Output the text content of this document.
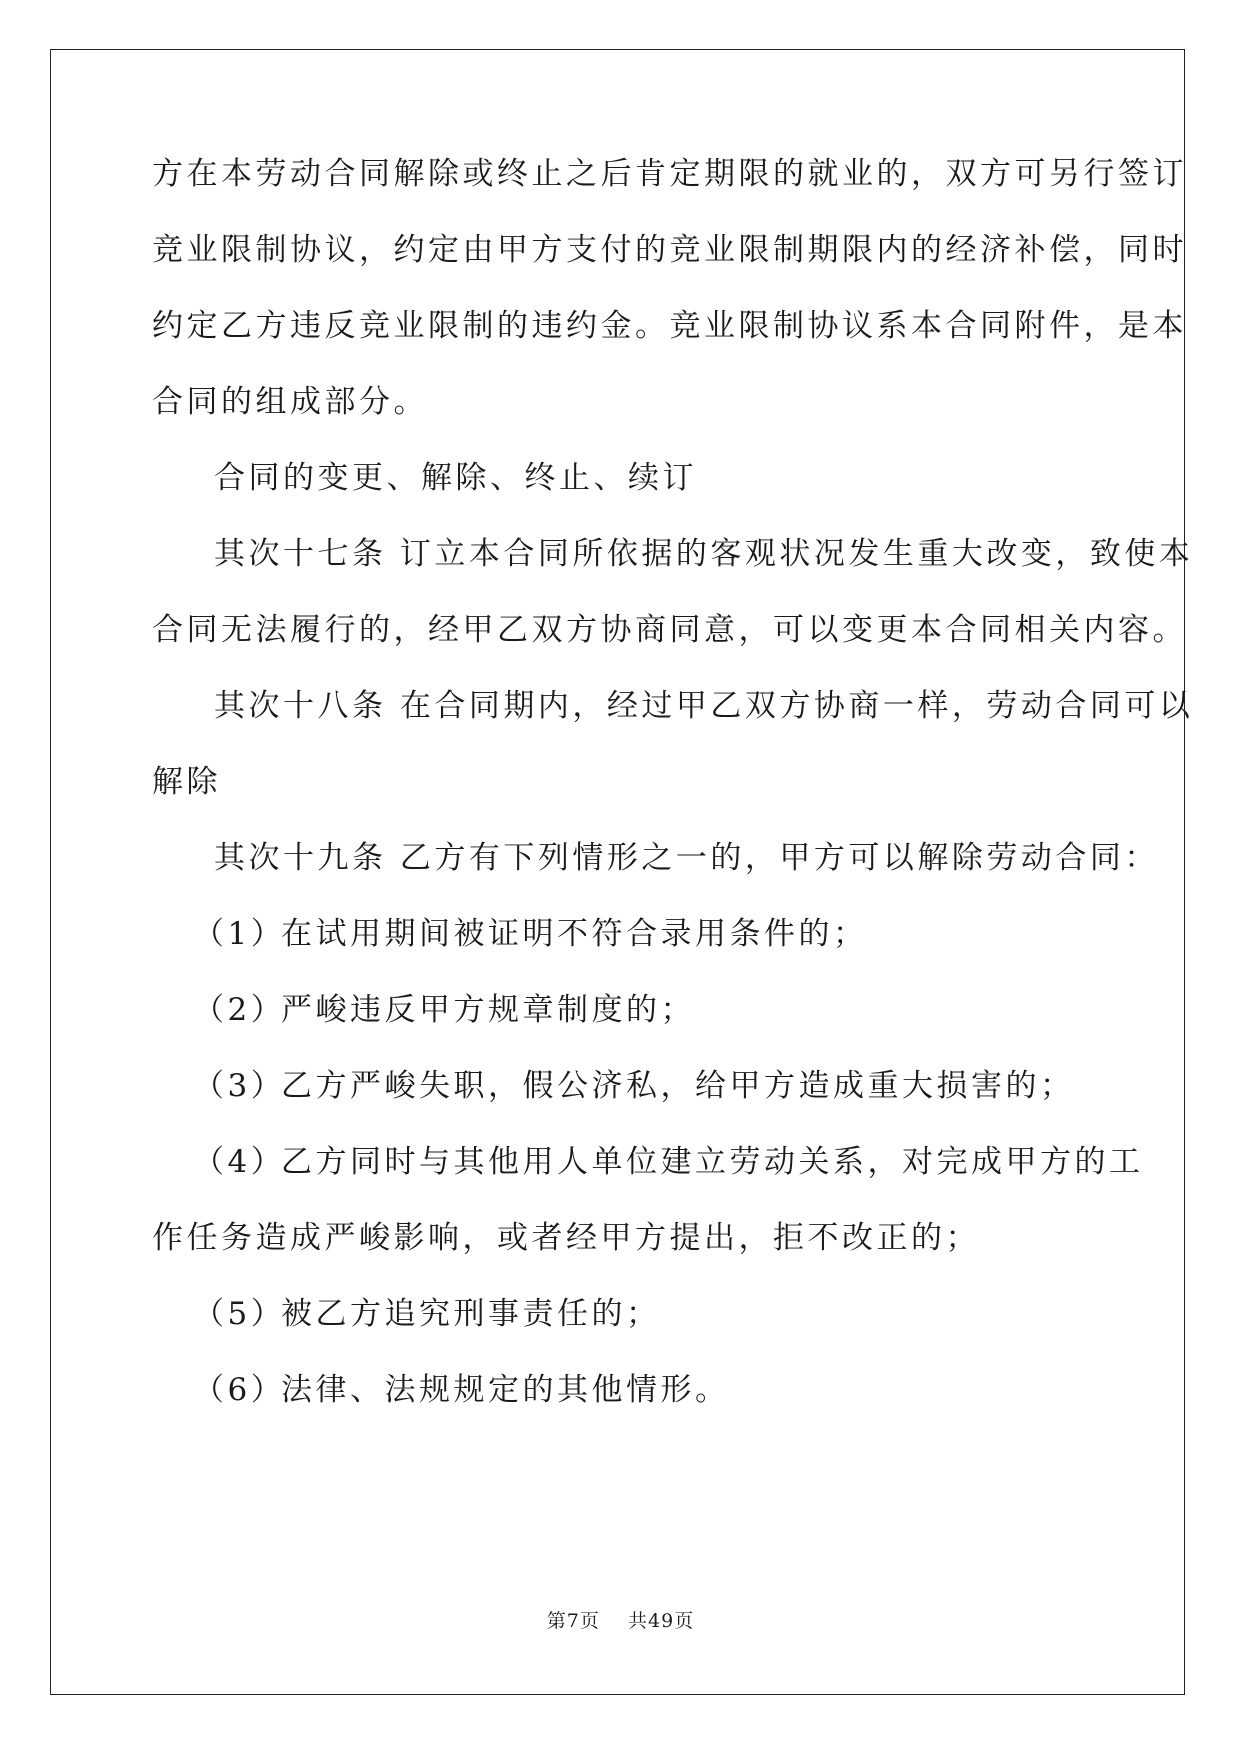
方在本劳动合同解除或终止之后肯定期限的就业的，双方可另行签订
竞业限制协议，约定由甲方支付的竞业限制期限内的经济补偿，同时
约定乙方违反竞业限制的违约金。竞业限制协议系本合同附件，是本
合同的组成部分。
合同的变更、解除、终止、续订
其次十七条 订立本合同所依据的客观状况发生重大改变，致使本
合同无法履行的，经甲乙双方协商同意，可以变更本合同相关内容。
其次十八条 在合同期内，经过甲乙双方协商一样，劳动合同可以
解除
其次十九条 乙方有下列情形之一的，甲方可以解除劳动合同：
（1）在试用期间被证明不符合录用条件的；
（2）严峻违反甲方规章制度的；
（3）乙方严峻失职，假公济私，给甲方造成重大损害的；
（4）乙方同时与其他用人单位建立劳动关系，对完成甲方的工
作任务造成严峻影响，或者经甲方提出，拒不改正的；
（5）被乙方追究刑事责任的；
（6）法律、法规规定的其他情形。
第7页 共49页
